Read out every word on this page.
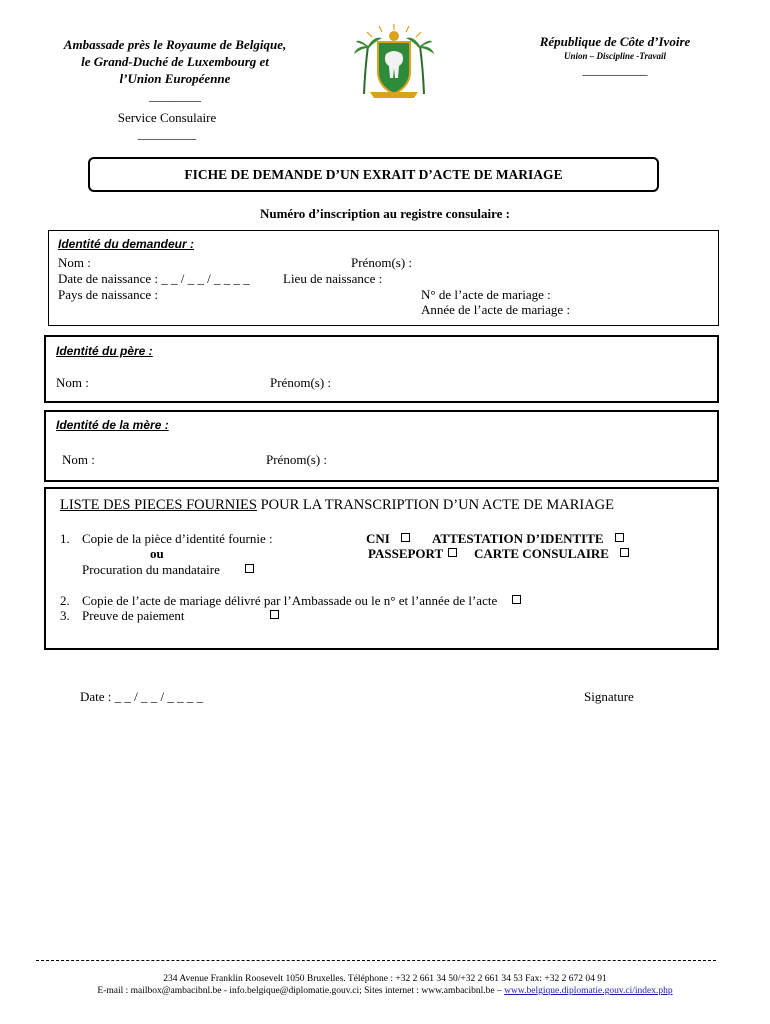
Ambassade près le Royaume de Belgique,
le Grand-Duché de Luxembourg et
l’Union Européenne
________
Service Consulaire
_________
République de Côte d’Ivoire
Union – Discipline -Travail
__________
FICHE DE DEMANDE D’UN EXRAIT D’ACTE DE MARIAGE
Numéro d’inscription au registre consulaire :
Identité du demandeur :
Nom :	Prénom(s) :
Date de naissance : _ _ / _ _ / _ _ _ _	Lieu de naissance :
Pays de naissance :	N° de l’acte de mariage :
Année de l’acte de mariage :
Identité du père :
Nom :	Prénom(s) :
Identité de la mère :
Nom :	Prénom(s) :
LISTE DES PIECES FOURNIES POUR LA TRANSCRIPTION D’UN ACTE DE MARIAGE
1. Copie de la pièce d’identité fournie :
ou
Procuration du mandataire
CNI	ATTESTATION D’IDENTITE
PASSEPORT	CARTE CONSULAIRE
2. Copie de l’acte de mariage délivré par l’Ambassade ou le n° et l’année de l’acte
3. Preuve de paiement
Date : _ _ / _ _ / _ _ _ _	Signature
234 Avenue Franklin Roosevelt 1050 Bruxelles. Téléphone : +32 2 661 34 50/+32 2 661 34 53 Fax: +32 2 672 04 91
E-mail : mailbox@ambacibnl.be - info.belgique@diplomatie.gouv.ci; Sites internet : www.ambacibnl.be – www.belgique.diplomatie.gouv.ci/index.php
